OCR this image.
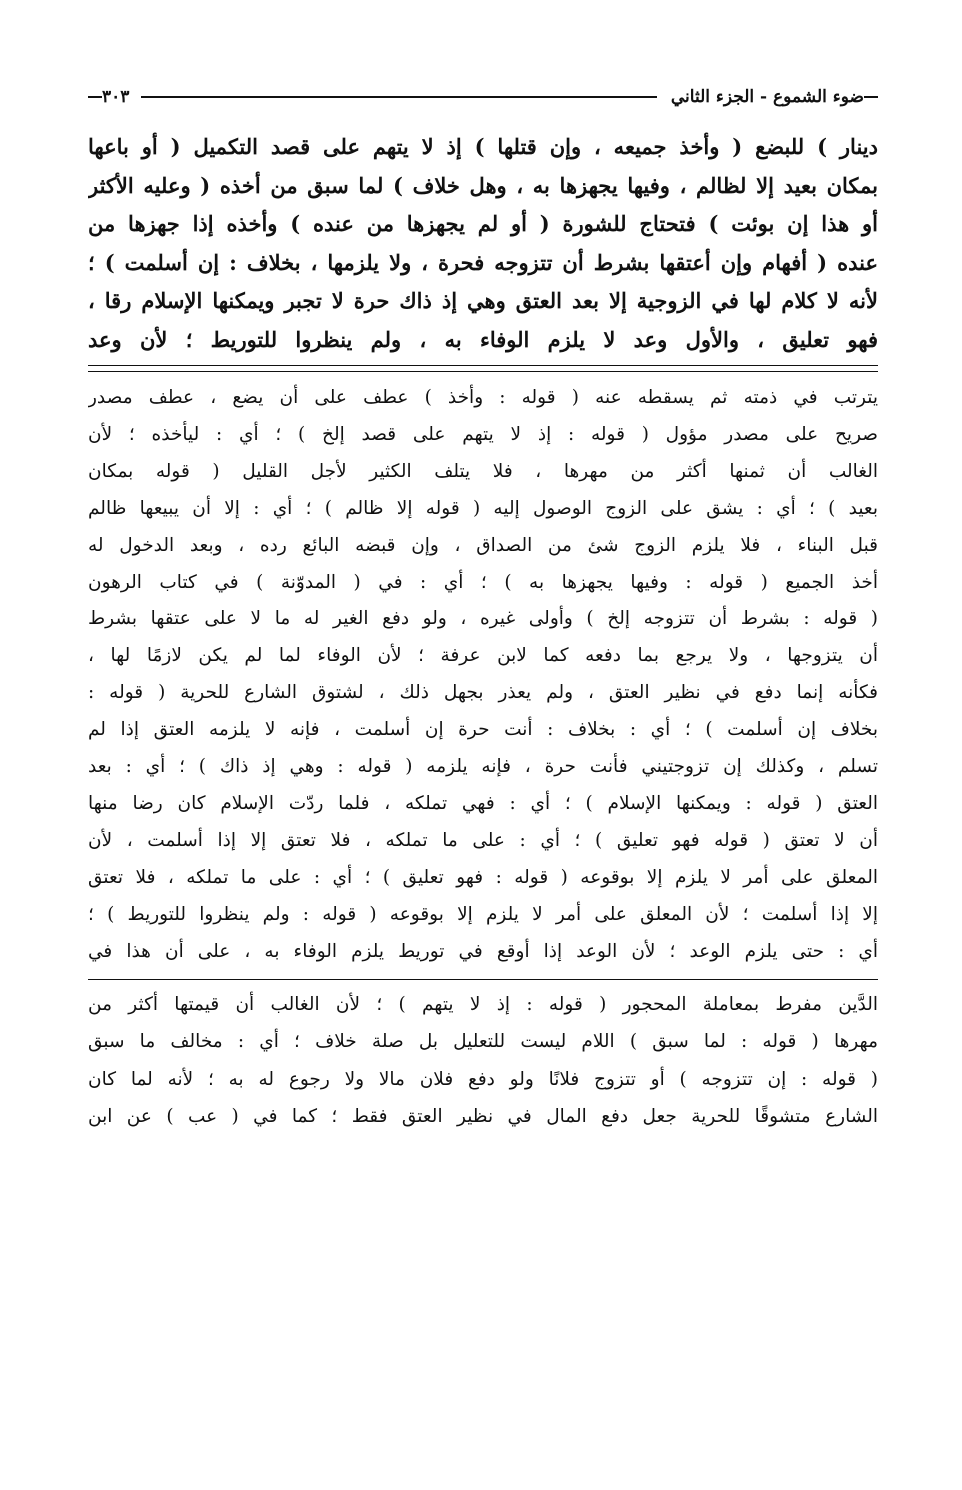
ضوء الشموع - الجزء الثاني
٣٠٣
دينار ) للبضع ( وأخذ جميعه ، وإن قتلها ) إذ لا يتهم على قصد التكميل ( أو باعها
بمكان بعيد إلا لظالم ، وفيها يجهزها به ، وهل خلاف ) لما سبق من أخذه ( وعليه الأكثر
أو هذا إن بوئت ) فتحتاج للشورة ( أو لم يجهزها من عنده ) وأخذه إذا جهزها من
عنده ( أفهام وإن أعتقها بشرط أن تتزوجه فحرة ، ولا يلزمها ، بخلاف : إن أسلمت ) ؛
لأنه لا كلام لها في الزوجية إلا بعد العتق وهي إذ ذاك حرة لا تجبر ويمكنها الإسلام رقا ،
فهو تعليق ، والأول وعد لا يلزم الوفاء به ، ولم ينظروا للتوريط ؛ لأن وعد
يترتب في ذمته ثم يسقطه عنه ( قوله : وأخذ ) عطف على أن يضع ، عطف مصدر
صريح على مصدر مؤول ( قوله : إذ لا يتهم على قصد إلخ ) ؛ أي : ليأخذه ؛ لأن
الغالب أن ثمنها أكثر من مهرها ، فلا يتلف الكثير لأجل القليل ( قوله بمكان
بعيد ) ؛ أي : يشق على الزوج الوصول إليه ( قوله إلا ظالم ) ؛ أي : إلا أن يبيعها ظالم
قبل البناء ، فلا يلزم الزوج شئ من الصداق ، وإن قبضه البائع رده ، وبعد الدخول له
أخذ الجميع ( قوله : وفيها يجهزها به ) ؛ أي : في ( المدوّنة ) في كتاب الرهون
( قوله : بشرط أن تتزوجه إلخ ) وأولى غيره ، ولو دفع الغير له ما لا على عتقها بشرط
أن يتزوجها ، ولا يرجع بما دفعه كما لابن عرفة ؛ لأن الوفاء لما لم يكن لازمًا لها ،
فكأنه إنما دفع في نظير العتق ، ولم يعذر بجهل ذلك ، لشتوق الشارع للحرية ( قوله :
بخلاف إن أسلمت ) ؛ أي : بخلاف : أنت حرة إن أسلمت ، فإنه لا يلزمه العتق إذا لم
تسلم ، وكذلك إن تزوجتيني فأنت حرة ، فإنه يلزمه ( قوله : وهي إذ ذاك ) ؛ أي : بعد
العتق ( قوله : ويمكنها الإسلام ) ؛ أي : فهي تملكه ، فلما ردّت الإسلام كان رضا منها
أن لا تعتق ( قوله فهو تعليق ) ؛ أي : على ما تملكه ، فلا تعتق إلا إذا أسلمت ، لأن
المعلق على أمر لا يلزم إلا بوقوعه ( قوله : فهو تعليق ) ؛ أي : على ما تملكه ، فلا تعتق
إلا إذا أسلمت ؛ لأن المعلق على أمر لا يلزم إلا بوقوعه ( قوله : ولم ينظروا للتوريط ) ؛
أي : حتى يلزم الوعد ؛ لأن الوعد إذا أوقع في توريط يلزم الوفاء به ، على أن هذا في
الدَّين مفرط بمعاملة المحجور ( قوله : إذ لا يتهم ) ؛ لأن الغالب أن قيمتها أكثر من
مهرها ( قوله : لما سبق ) اللام ليست للتعليل بل صلة خلاف ؛ أي : مخالف ما سبق
( قوله : إن تتزوجه ) أو تتزوج فلانًا ولو دفع فلان مالا ولا رجوع له به ؛ لأنه لما كان
الشارع متشوقًا للحرية جعل دفع المال في نظير العتق فقط ؛ كما في ( عب ) عن ابن
